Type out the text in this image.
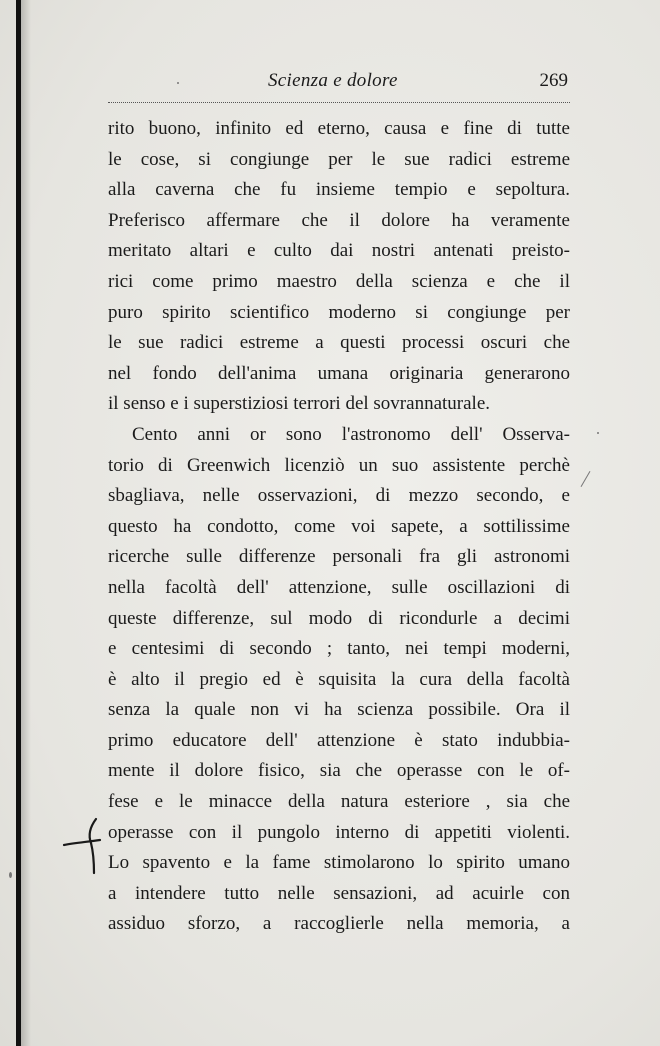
Scienza e dolore	269
rito buono, infinito ed eterno, causa e fine di tutte
le cose, si congiunge per le sue radici estreme
alla caverna che fu insieme tempio e sepoltura.
Preferisco affermare che il dolore ha veramente
meritato altari e culto dai nostri antenati preisto-
rici come primo maestro della scienza e che il
puro spirito scientifico moderno si congiunge per
le sue radici estreme a questi processi oscuri che
nel fondo dell'anima umana originaria generarono
il senso e i superstiziosi terrori del sovrannaturale.
Cento anni or sono l'astronomo dell' Osserva-
torio di Greenwich licenziò un suo assistente perchè
sbagliava, nelle osservazioni, di mezzo secondo, e
questo ha condotto, come voi sapete, a sottilissime
ricerche sulle differenze personali fra gli astronomi
nella facoltà dell' attenzione, sulle oscillazioni di
queste differenze, sul modo di ricondurle a decimi
e centesimi di secondo ; tanto, nei tempi moderni,
è alto il pregio ed è squisita la cura della facoltà
senza la quale non vi ha scienza possibile. Ora il
primo educatore dell' attenzione è stato indubbia-
mente il dolore fisico, sia che operasse con le of-
fese e le minacce della natura esteriore , sia che
operasse con il pungolo interno di appetiti violenti.
Lo spavento e la fame stimolarono lo spirito umano
a intendere tutto nelle sensazioni, ad acuirle con
assiduo sforzo, a raccoglierle nella memoria, a
